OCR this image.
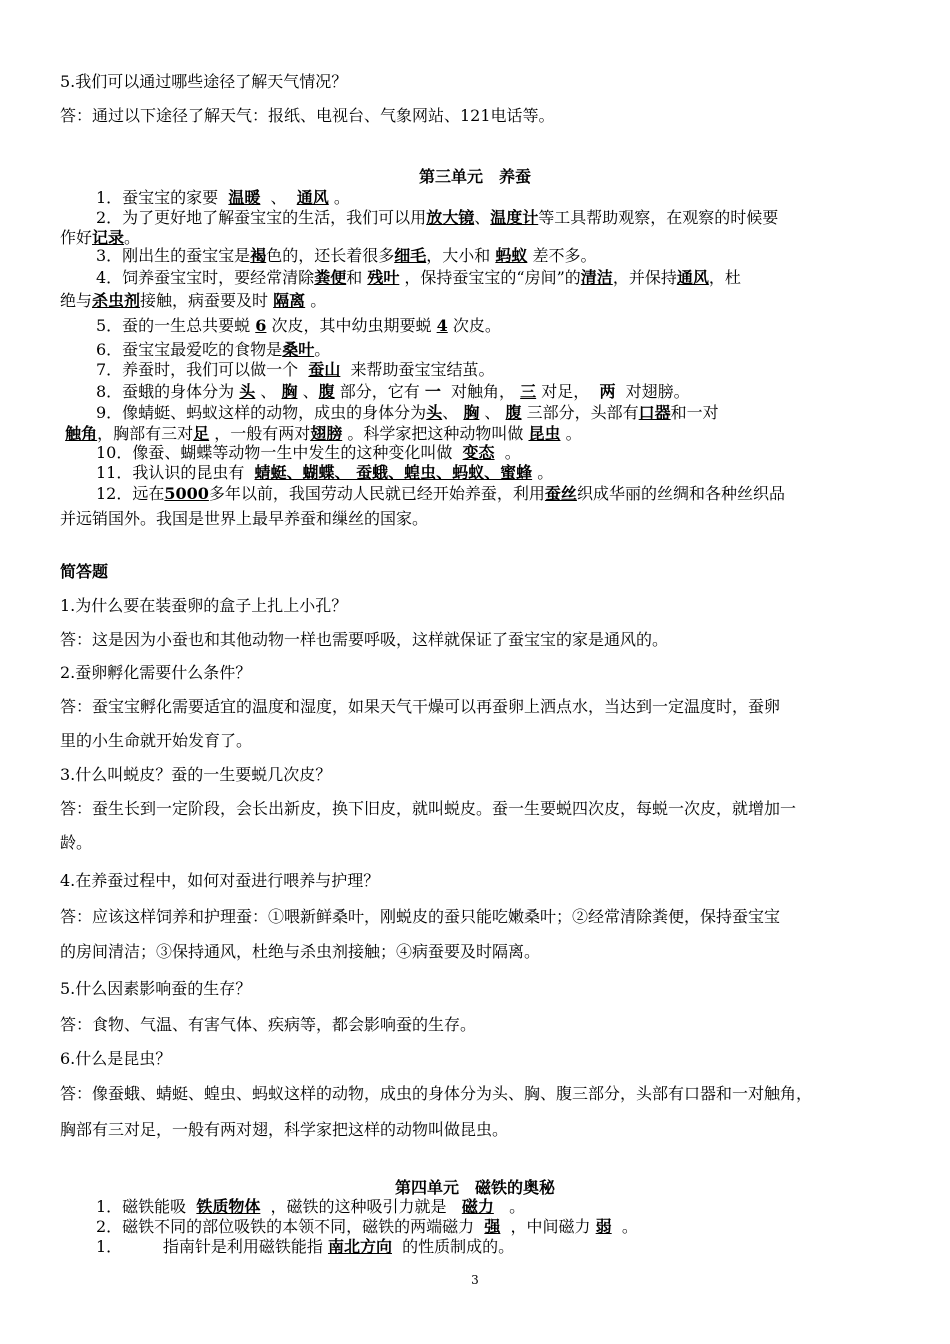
5.我们可以通过哪些途径了解天气情况？
答：通过以下途径了解天气：报纸、电视台、气象网站、121电话等。
第三单元　养蚕
1．蚕宝宝的家要 温暖 、 通风 。
2．为了更好地了解蚕宝宝的生活，我们可以用放大镜、温度计等工具帮助观察，在观察的时候要
作好记录。
3．刚出生的蚕宝宝是褐色的，还长着很多细毛，大小和 蚂蚁 差不多。
4．饲养蚕宝宝时，要经常清除粪便和 残叶 ，保持蚕宝宝的“房间”的清洁，并保持通风，杜
绝与杀虫剂接触，病蚕要及时 隔离 。
5．蚕的一生总共要蜕 6 次皮，其中幼虫期要蜕 4 次皮。
6．蚕宝宝最爱吃的食物是桑叶。
7．养蚕时，我们可以做一个 蚕山 来帮助蚕宝宝结茧。
8．蚕蛾的身体分为 头 、 胸 、腹 部分，它有 一 对触角， 三 对足， 两 对翅膀。
9．像蜻蜓、蚂蚁这样的动物，成虫的身体分为头、 胸 、 腹 三部分，头部有口器和一对
触角，胸部有三对足 ，一般有两对翅膀 。科学家把这种动物叫做 昆虫 。
10．像蚕、蝴蝶等动物一生中发生的这种变化叫做 变态 。
11．我认识的昆虫有 蜻蜓、蝴蝶、 蚕蛾、蝗虫、蚂蚁、蜜蜂 。
12．远在5000多年以前，我国劳动人民就已经开始养蚕，利用蚕丝织成华丽的丝绸和各种丝织品
并远销国外。我国是世界上最早养蚕和缫丝的国家。
简答题
1.为什么要在装蚕卵的盒子上扎上小孔？
答：这是因为小蚕也和其他动物一样也需要呼吸，这样就保证了蚕宝宝的家是通风的。
2.蚕卵孵化需要什么条件？
答：蚕宝宝孵化需要适宜的温度和湿度，如果天气干燥可以再蚕卵上洒点水，当达到一定温度时，蚕卵
里的小生命就开始发育了。
3.什么叫蜕皮？蚕的一生要蜕几次皮？
答：蚕生长到一定阶段，会长出新皮，换下旧皮，就叫蜕皮。蚕一生要蜕四次皮，每蜕一次皮，就增加一
龄。
4.在养蚕过程中，如何对蚕进行喂养与护理？
答：应该这样饲养和护理蚕：①喂新鲜桑叶，刚蜕皮的蚕只能吃嫩桑叶；②经常清除粪便，保持蚕宝宝
的房间清洁；③保持通风，杜绝与杀虫剂接触；④病蚕要及时隔离。
5.什么因素影响蚕的生存？
答：食物、气温、有害气体、疾病等，都会影响蚕的生存。
6.什么是昆虫？
答：像蚕蛾、蜻蜓、蝗虫、蚂蚁这样的动物，成虫的身体分为头、胸、腹三部分，头部有口器和一对触角，
胸部有三对足，一般有两对翅，科学家把这样的动物叫做昆虫。
第四单元　磁铁的奥秘
1．磁铁能吸 铁质物体 ，磁铁的这种吸引力就是 磁力 。
2．磁铁不同的部位吸铁的本领不同，磁铁的两端磁力 强 ，中间磁力 弱 。
1．	指南针是利用磁铁能指 南北方向 的性质制成的。
3
